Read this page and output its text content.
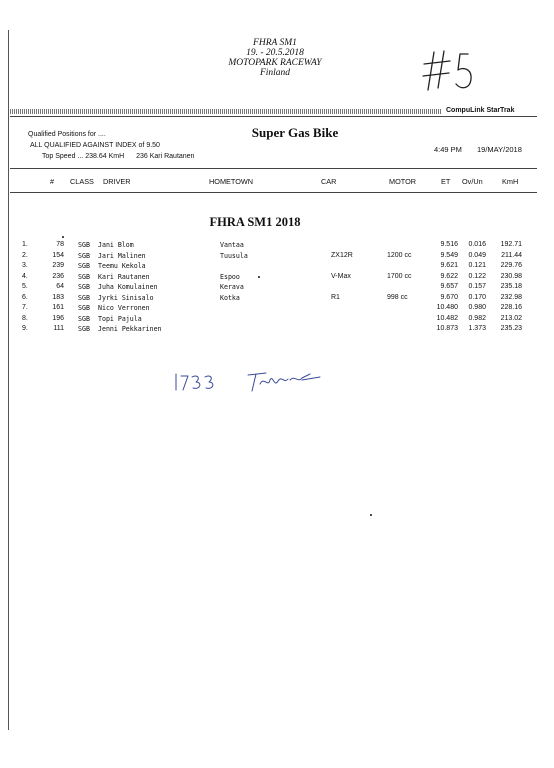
FHRA SM1
19. - 20.5.2018
MOTOPARK RACEWAY
Finland
CompuLink StarTrak
Qualified Positions for ....
ALL QUALIFIED AGAINST INDEX of 9.50
Top Speed ... 238.64 KmH 236 Kari Rautanen
Super Gas Bike
4:49 PM 19/MAY/2018
# CLASS DRIVER	HOMETOWN	CAR	MOTOR	ET Ov/Un	KmH
FHRA SM1 2018
1.	78 SGB Jani Blom	Vantaa	9.516	0.016	192.71
2.	154 SGB Jari Malinen	Tuusula	ZX12R	1200 cc	9.549	0.049	211.44
3.	239 SGB Teemu Kekola	9.621	0.121	229.76
4.	236 SGB Kari Rautanen	Espoo	V-Max	1700 cc	9.622	0.122	230.98
5.	64 SGB Juha Komulainen	Kerava	9.657	0.157	235.18
6.	183 SGB Jyrki Sinisalo	Kotka	R1	998 cc	9.670	0.170	232.98
7.	161 SGB Nico Verronen	10.480	0.980	228.16
8.	196 SGB Topi Pajula	10.482	0.982	213.02
9.	111 SGB Jenni Pekkarinen	10.873	1.373	235.23
